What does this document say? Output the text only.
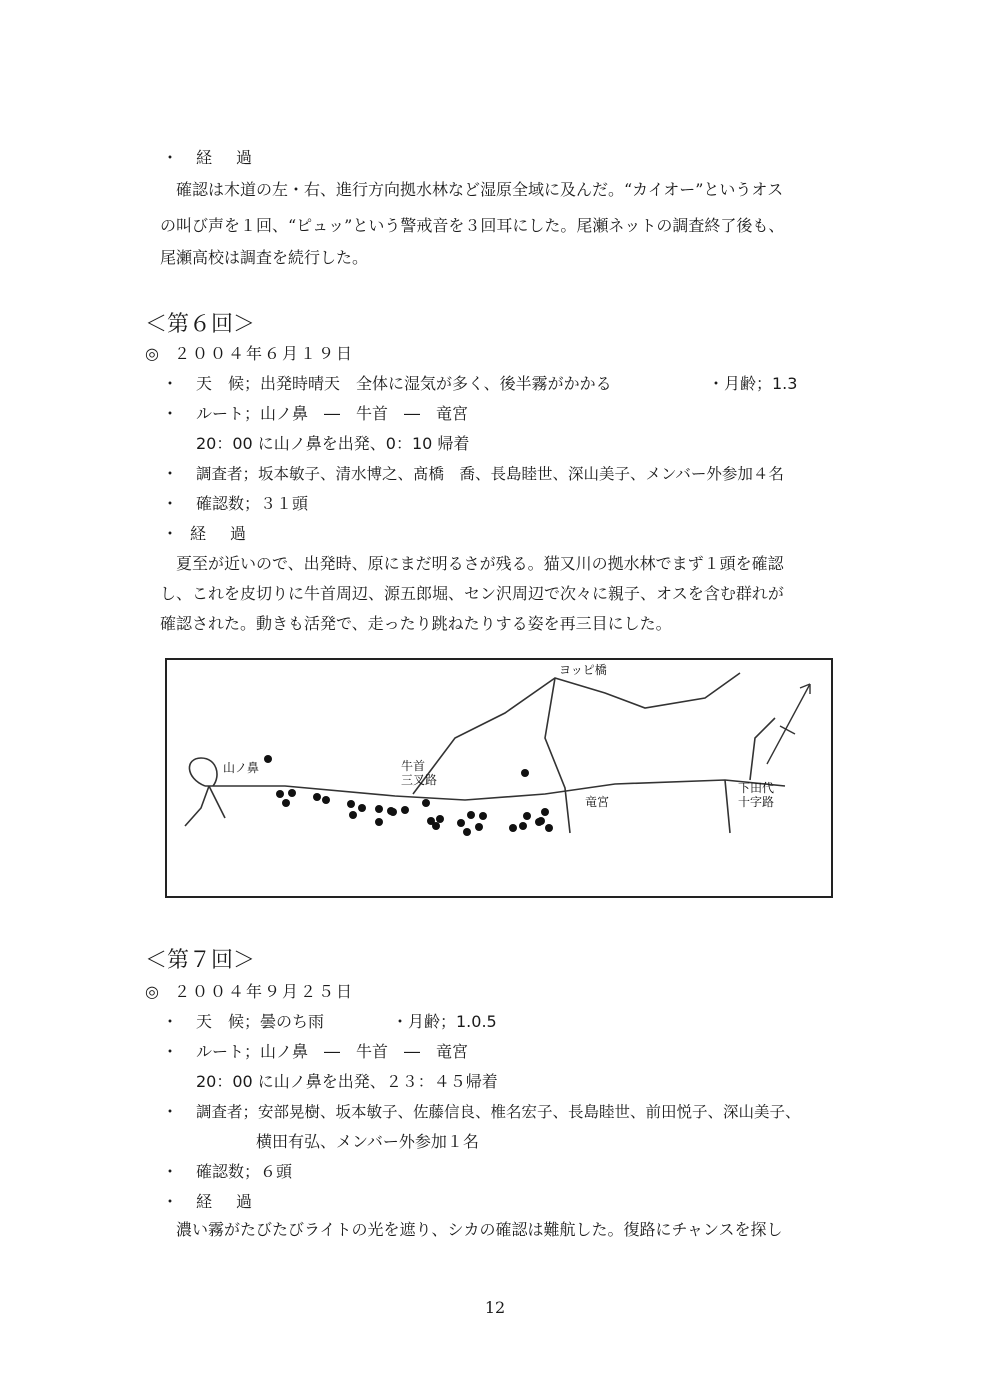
・ 経　過
確認は木道の左・右、進行方向拠水林など湿原全域に及んだ。“カイオー”というオス
の叫び声を１回、“ピュッ”という警戒音を３回耳にした。尾瀬ネットの調査終了後も、
尾瀬高校は調査を続行した。
＜第６回＞
◎ ２００４年６月１９日
・ 天　候；出発時晴天　全体に湿気が多く、後半霧がかかる	・月齢；1.3
・ ルート；山ノ鼻　―　牛首　―　竜宮
20：00 に山ノ鼻を出発、0：10 帰着
・ 調査者；坂本敏子、清水博之、髙橋　喬、長島睦世、深山美子、メンバー外参加４名
・ 確認数；３１頭
・ 経　過
夏至が近いので、出発時、原にまだ明るさが残る。猫又川の拠水林でまず１頭を確認
し、これを皮切りに牛首周辺、源五郎堀、セン沢周辺で次々に親子、オスを含む群れが
確認された。動きも活発で、走ったり跳ねたりする姿を再三目にした。
ヨッピ橋
山ノ鼻	牛首
三叉路
竜宮
下田代
十字路
＜第７回＞
◎ ２００４年９月２５日
・ 天　候；曇のち雨	・月齢；1.0.5
・ ルート；山ノ鼻　―　牛首　―　竜宮
20：00 に山ノ鼻を出発、２３：４５帰着
・ 調査者；安部晃樹、坂本敏子、佐藤信良、椎名宏子、長島睦世、前田悦子、深山美子、
横田有弘、メンバー外参加１名
・ 確認数；６頭
・ 経　過
濃い霧がたびたびライトの光を遮り、シカの確認は難航した。復路にチャンスを探し
12
